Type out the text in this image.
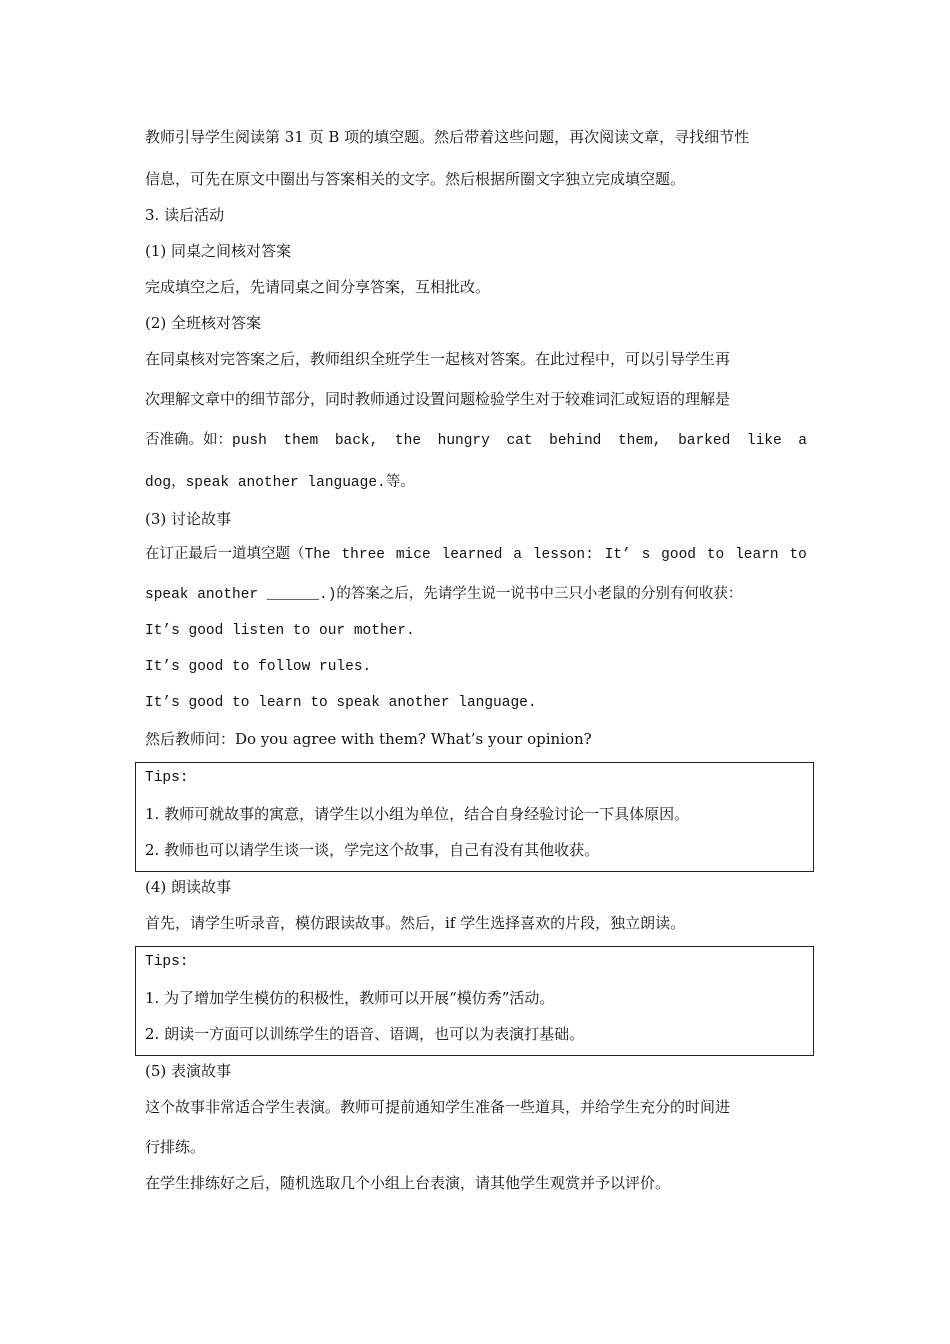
教师引导学生阅读第 31 页 B 项的填空题。然后带着这些问题，再次阅读文章，寻找细节性
信息，可先在原文中圈出与答案相关的文字。然后根据所圈文字独立完成填空题。
3. 读后活动
(1) 同桌之间核对答案
完成填空之后，先请同桌之间分享答案，互相批改。
(2) 全班核对答案
在同桌核对完答案之后，教师组织全班学生一起核对答案。在此过程中，可以引导学生再
次理解文章中的细节部分，同时教师通过设置问题检验学生对于较难词汇或短语的理解是
否准确。如：push them back, the hungry cat behind them, barked like a
dog，speak another language.等。
(3) 讨论故事
在订正最后一道填空题（The three mice learned a lesson: It’ s good to learn to
speak another ______.)的答案之后，先请学生说一说书中三只小老鼠的分别有何收获：
It’s good listen to our mother.
It’s good to follow rules.
It’s good to learn to speak another language.
然后教师问：Do you agree with them? What’s your opinion?
Tips:
1. 教师可就故事的寓意，请学生以小组为单位，结合自身经验讨论一下具体原因。
2. 教师也可以请学生谈一谈，学完这个故事，自己有没有其他收获。
(4) 朗读故事
首先，请学生听录音，模仿跟读故事。然后，if 学生选择喜欢的片段，独立朗读。
Tips:
1. 为了增加学生模仿的积极性，教师可以开展“模仿秀”活动。
2. 朗读一方面可以训练学生的语音、语调，也可以为表演打基础。
(5) 表演故事
这个故事非常适合学生表演。教师可提前通知学生准备一些道具，并给学生充分的时间进
行排练。
在学生排练好之后，随机选取几个小组上台表演，请其他学生观赏并予以评价。
